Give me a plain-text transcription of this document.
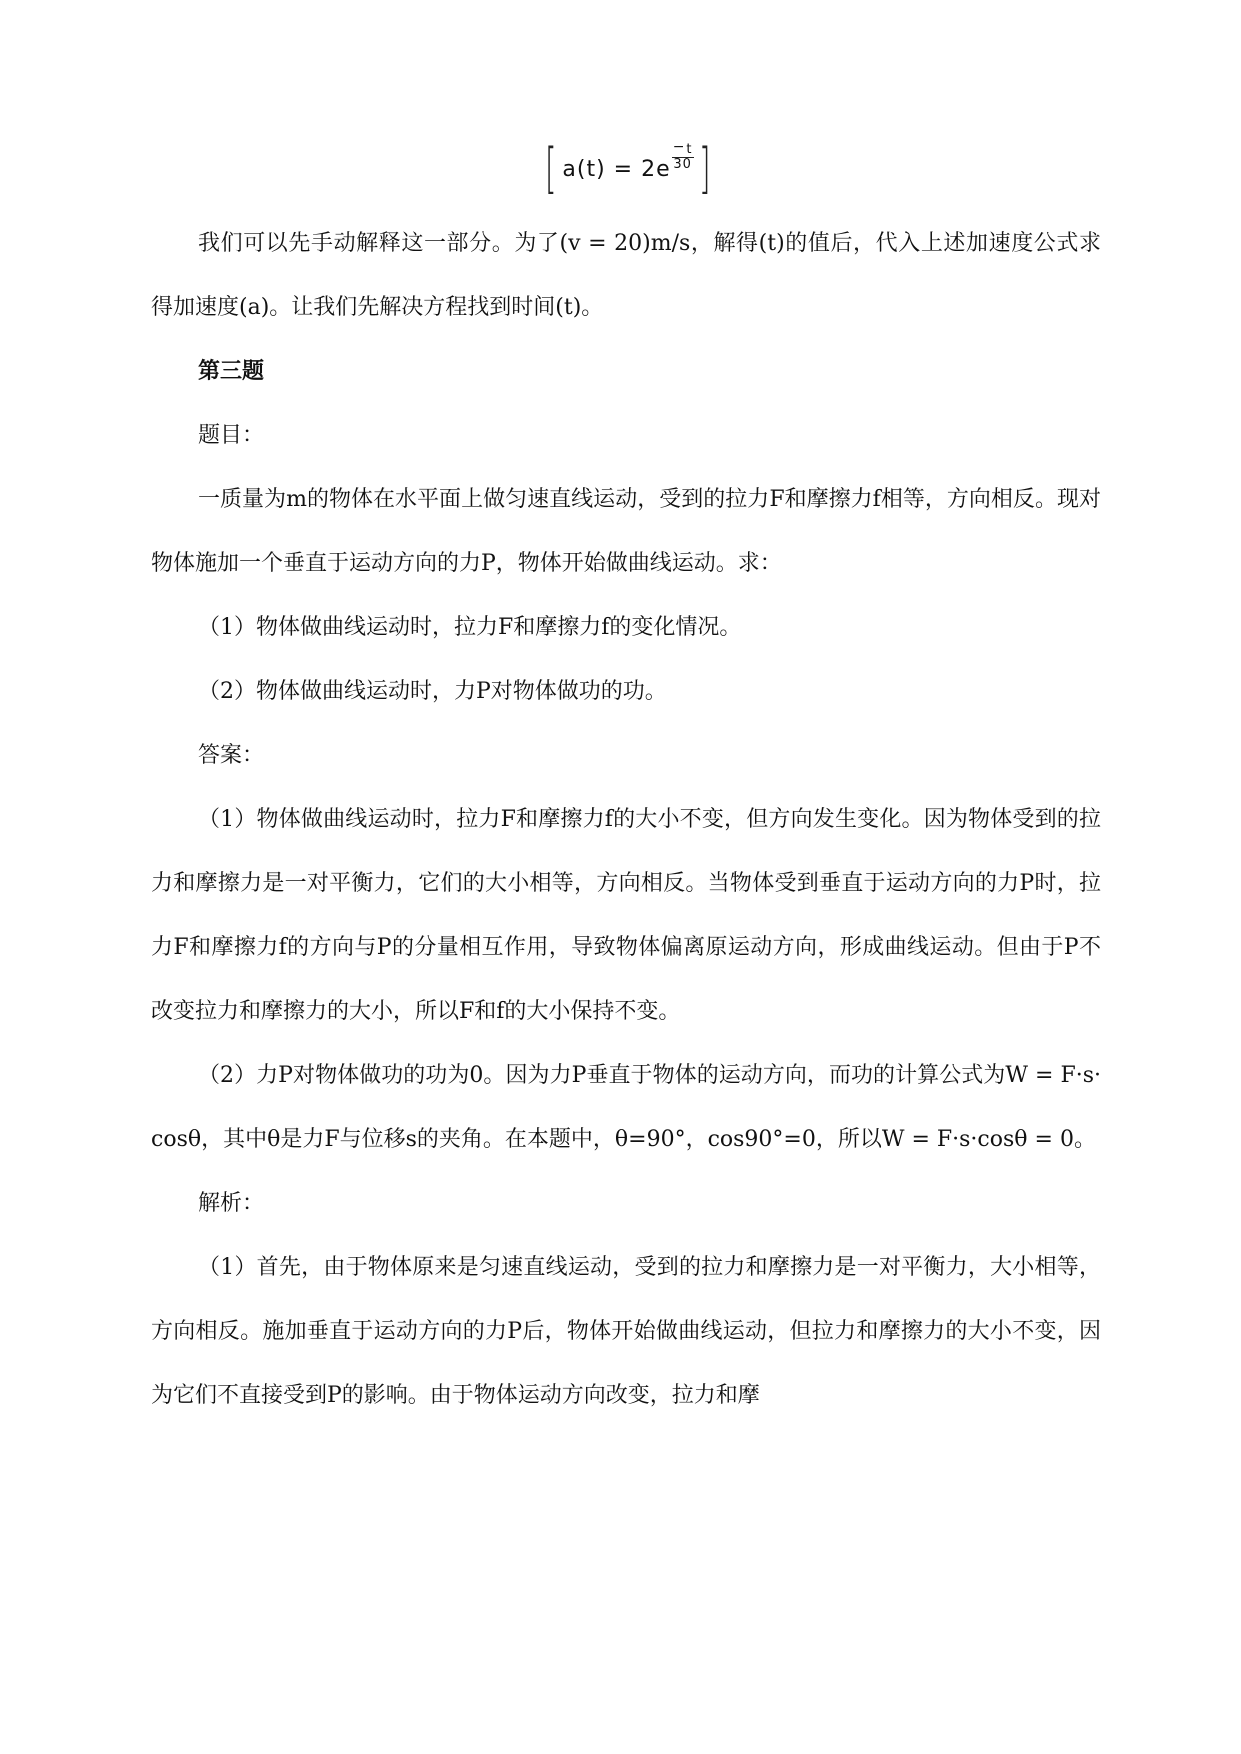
[ $a(t) = 2e \frac{- t}{30}$ ]

我们可以先手动解释这一部分。为了(v = 20)m/s，解得(t)的值后，代入上述加速度公式求得加速度(a)。让我们先解决方程找到时间(t)。

第三题

题目：

一质量为m的物体在水平面上做匀速直线运动，受到的拉力F和摩擦力f相等，方向相反。现对物体施加一个垂直于运动方向的力P，物体开始做曲线运动。求：

（1）物体做曲线运动时，拉力F和摩擦力f的变化情况。

（2）物体做曲线运动时，力P对物体做功的功。

答案：

（1）物体做曲线运动时，拉力F和摩擦力f的大小不变，但方向发生变化。因为物体受到的拉力和摩擦力是一对平衡力，它们的大小相等，方向相反。当物体受到垂直于运动方向的力P时，拉力F和摩擦力f的方向与P的分量相互作用，导致物体偏离原运动方向，形成曲线运动。但由于P不改变拉力和摩擦力的大小，所以F和f的大小保持不变。

（2）力P对物体做功的功为0。因为力P垂直于物体的运动方向，而功的计算公式为W = F·s·cosθ，其中θ是力F与位移s的夹角。在本题中，θ=90°，cos90°=0，所以W = F·s·cosθ = 0。

解析：

（1）首先，由于物体原来是匀速直线运动，受到的拉力和摩擦力是一对平衡力，大小相等，方向相反。施加垂直于运动方向的力P后，物体开始做曲线运动，但拉力和摩擦力的大小不变，因为它们不直接受到P的影响。由于物体运动方向改变，拉力和摩
